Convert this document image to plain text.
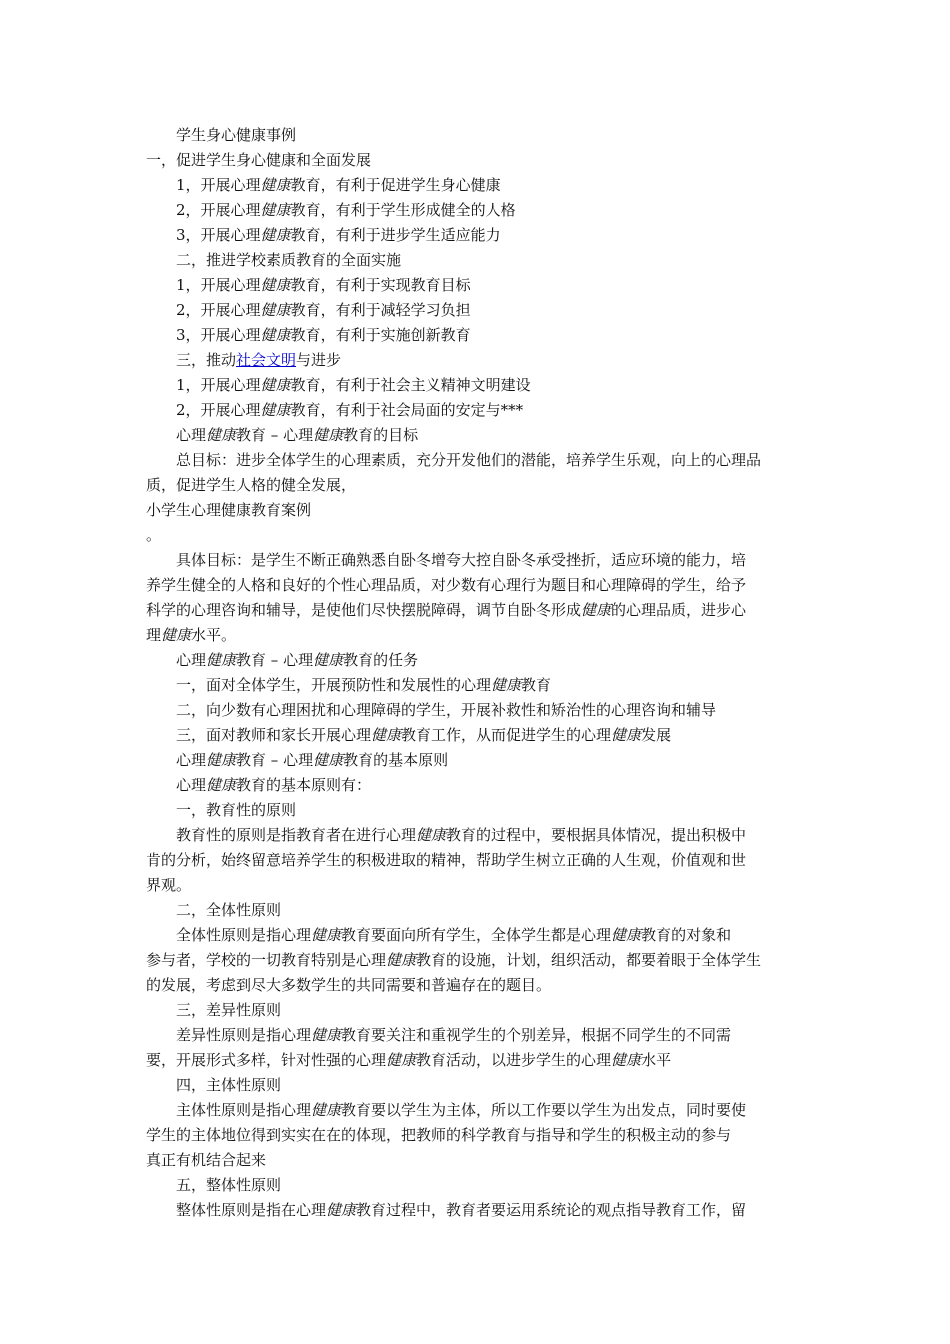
学生身心健康事例

一，促进学生身心健康和全面发展

1，开展心理健康教育，有利于促进学生身心健康

2，开展心理健康教育，有利于学生形成健全的人格

3，开展心理健康教育，有利于进步学生适应能力

二，推进学校素质教育的全面实施

1，开展心理健康教育，有利于实现教育目标

2，开展心理健康教育，有利于减轻学习负担

3，开展心理健康教育，有利于实施创新教育

三，推动社会文明与进步

1，开展心理健康教育，有利于社会主义精神文明建设

2，开展心理健康教育，有利于社会局面的安定与***

心理健康教育 – 心理健康教育的目标

总目标：进步全体学生的心理素质，充分开发他们的潜能，培养学生乐观，向上的心理品

质，促进学生人格的健全发展，

小学生心理健康教育案例

。

具体目标：是学生不断正确熟悉自卧冬增夸大控自卧冬承受挫折，适应环境的能力，培

养学生健全的人格和良好的个性心理品质，对少数有心理行为题目和心理障碍的学生，给予

科学的心理咨询和辅导，是使他们尽快摆脱障碍，调节自卧冬形成健康的心理品质，进步心

理健康水平。

心理健康教育 – 心理健康教育的任务

一，面对全体学生，开展预防性和发展性的心理健康教育

二，向少数有心理困扰和心理障碍的学生，开展补救性和矫治性的心理咨询和辅导

三，面对教师和家长开展心理健康教育工作，从而促进学生的心理健康发展

心理健康教育 – 心理健康教育的基本原则

心理健康教育的基本原则有：

一，教育性的原则

教育性的原则是指教育者在进行心理健康教育的过程中，要根据具体情况，提出积极中

肯的分析，始终留意培养学生的积极进取的精神，帮助学生树立正确的人生观，价值观和世

界观。

二，全体性原则

全体性原则是指心理健康教育要面向所有学生，全体学生都是心理健康教育的对象和

参与者，学校的一切教育特别是心理健康教育的设施，计划，组织活动，都要着眼于全体学生

的发展，考虑到尽大多数学生的共同需要和普遍存在的题目。

三，差异性原则

差异性原则是指心理健康教育要关注和重视学生的个别差异，根据不同学生的不同需

要，开展形式多样，针对性强的心理健康教育活动，以进步学生的心理健康水平

四，主体性原则

主体性原则是指心理健康教育要以学生为主体，所以工作要以学生为出发点，同时要使

学生的主体地位得到实实在在的体现，把教师的科学教育与指导和学生的积极主动的参与

真正有机结合起来

五，整体性原则

整体性原则是指在心理健康教育过程中，教育者要运用系统论的观点指导教育工作，留
